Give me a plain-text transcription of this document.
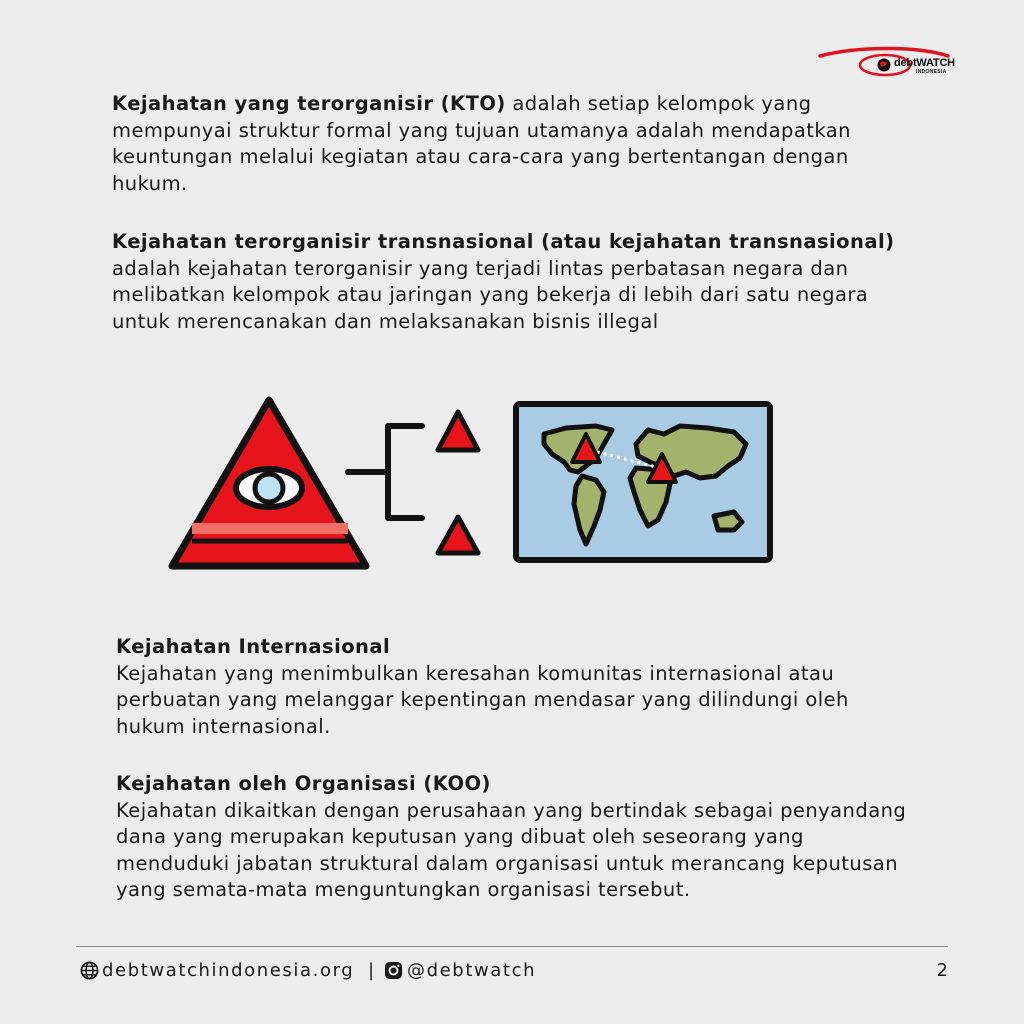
debtWATCH
INDONESIA

Kejahatan yang terorganisir (KTO) adalah setiap kelompok yang mempunyai struktur formal yang tujuan utamanya adalah mendapatkan keuntungan melalui kegiatan atau cara-cara yang bertentangan dengan hukum.

Kejahatan terorganisir transnasional (atau kejahatan transnasional)
adalah kejahatan terorganisir yang terjadi lintas perbatasan negara dan melibatkan kelompok atau jaringan yang bekerja di lebih dari satu negara untuk merencanakan dan melaksanakan bisnis illegal

Kejahatan Internasional
Kejahatan yang menimbulkan keresahan komunitas internasional atau perbuatan yang melanggar kepentingan mendasar yang dilindungi oleh hukum internasional.

Kejahatan oleh Organisasi (KOO)
Kejahatan dikaitkan dengan perusahaan yang bertindak sebagai penyandang dana yang merupakan keputusan yang dibuat oleh seseorang yang menduduki jabatan struktural dalam organisasi untuk merancang keputusan yang semata-mata menguntungkan organisasi tersebut.

debtwatchindonesia.org | @debtwatch	2
